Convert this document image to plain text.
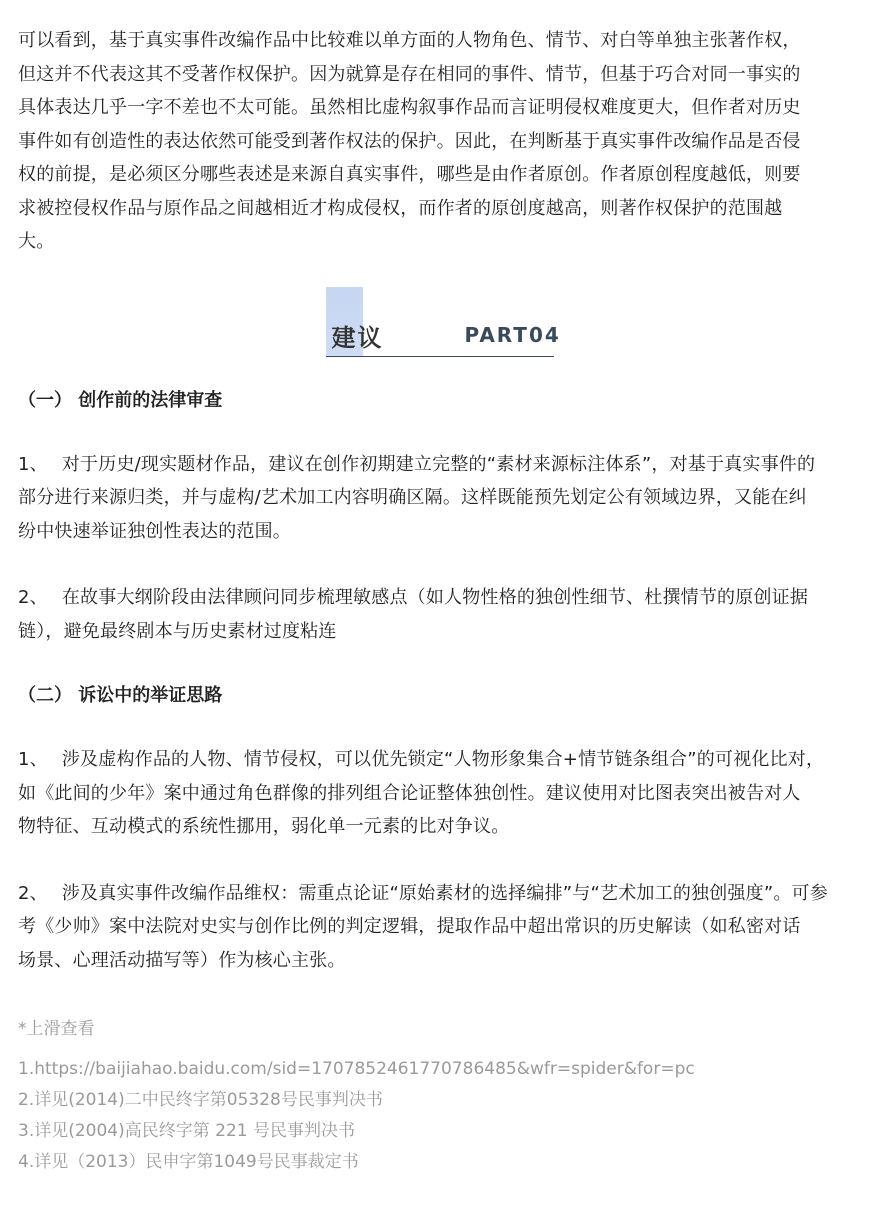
可以看到，基于真实事件改编作品中比较难以单方面的人物角色、情节、对白等单独主张著作权，
但这并不代表这其不受著作权保护。因为就算是存在相同的事件、情节，但基于巧合对同一事实的
具体表达几乎一字不差也不太可能。虽然相比虚构叙事作品而言证明侵权难度更大，但作者对历史
事件如有创造性的表达依然可能受到著作权法的保护。因此，在判断基于真实事件改编作品是否侵
权的前提，是必须区分哪些表述是来源自真实事件，哪些是由作者原创。作者原创程度越低，则要
求被控侵权作品与原作品之间越相近才构成侵权，而作者的原创度越高，则著作权保护的范围越
大。
建议	PART04

（一） 创作前的法律审查

1、 对于历史/现实题材作品，建议在创作初期建立完整的“素材来源标注体系”，对基于真实事件的
部分进行来源归类，并与虚构/艺术加工内容明确区隔。这样既能预先划定公有领域边界，又能在纠
纷中快速举证独创性表达的范围。
2、 在故事大纲阶段由法律顾问同步梳理敏感点（如人物性格的独创性细节、杜撰情节的原创证据
链），避免最终剧本与历史素材过度粘连

（二） 诉讼中的举证思路

1、 涉及虚构作品的人物、情节侵权，可以优先锁定“人物形象集合+情节链条组合”的可视化比对，
如《此间的少年》案中通过角色群像的排列组合论证整体独创性。建议使用对比图表突出被告对人
物特征、互动模式的系统性挪用，弱化单一元素的比对争议。
2、 涉及真实事件改编作品维权：需重点论证“原始素材的选择编排”与“艺术加工的独创强度”。可参
考《少帅》案中法院对史实与创作比例的判定逻辑，提取作品中超出常识的历史解读（如私密对话
场景、心理活动描写等）作为核心主张。

*上滑查看

1.https://baijiahao.baidu.com/sid=1707852461770786485&wfr=spider&for=pc

2.详见(2014)二中民终字第05328号民事判决书

3.详见(2004)高民终字第 221 号民事判决书

4.详见（2013）民申字第1049号民事裁定书
